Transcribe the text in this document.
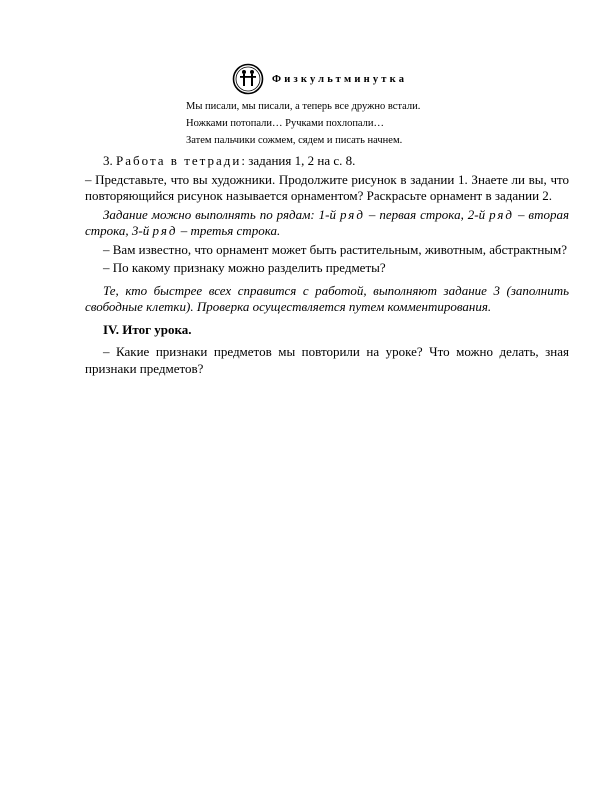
Физкультминутка
Мы писали, мы писали, а теперь все дружно встали.
Ножками потопали… Ручками похлопали…
Затем пальчики сожмем, сядем и писать начнем.

3. Работа в тетради: задания 1, 2 на с. 8.

– Представьте, что вы художники. Продолжите рисунок в задании 1. Знаете ли вы, что повторяющийся рисунок называется орнаментом? Раскрасьте орнамент в задании 2.

Задание можно выполнять по рядам: 1-й ряд – первая строка, 2-й ряд – вторая строка, 3-й ряд – третья строка.

– Вам известно, что орнамент может быть растительным, животным, абстрактным?

– По какому признаку можно разделить предметы?

Те, кто быстрее всех справится с работой, выполняют задание 3 (заполнить свободные клетки). Проверка осуществляется путем комментирования.

IV. Итог урока.

– Какие признаки предметов мы повторили на уроке? Что можно делать, зная признаки предметов?
